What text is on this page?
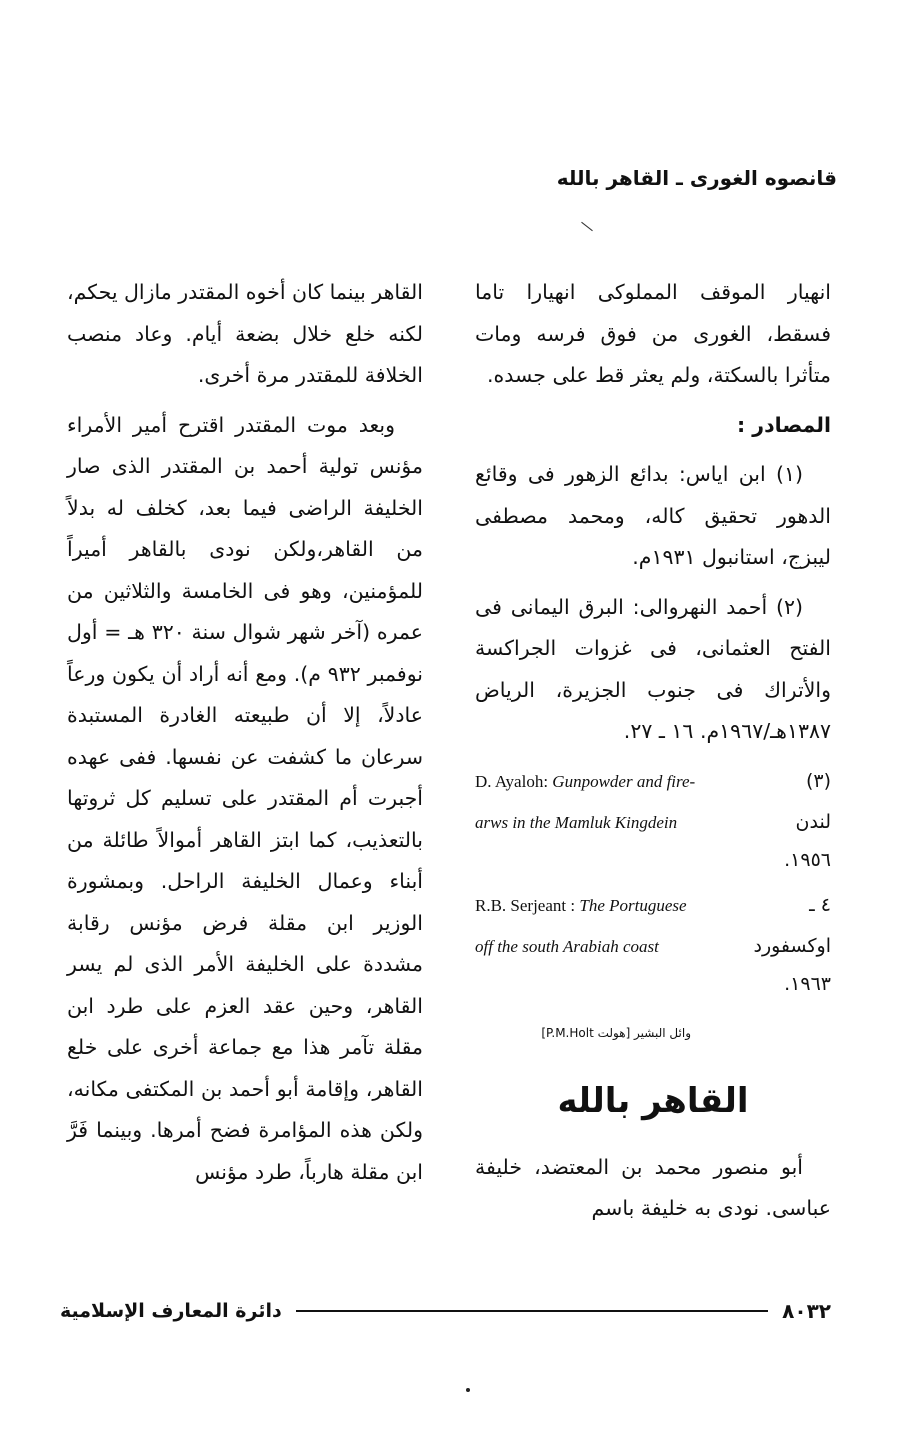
قانصوه الغورى ـ القاهر بالله

انهيار الموقف المملوكى انهيارا تاما فسقط، الغورى من فوق فرسه ومات متأثرا بالسكتة، ولم يعثر قط على جسده.

المصادر :

(١) ابن اياس: بدائع الزهور فى وقائع الدهور تحقيق كاله، ومحمد مصطفى ليبزج، استانبول ١٩٣١م.

(٢) أحمد النهروالى: البرق اليمانى فى الفتح العثمانى، فى غزوات الجراكسة والأتراك فى جنوب الجزيرة، الرياض ١٣٨٧هـ/١٩٦٧م. ١٦ ـ ٢٧.

D. Ayaloh: Gunpowder and fire-	(٣)
arws in the Mamluk Kingdein	لندن
١٩٥٦.
R.B. Serjeant : The Portuguese	٤ ـ
off the south Arabiah coast	اوكسفورد
١٩٦٣.

وائل البشير [هولت P.M.Holt]

القاهر بالله

أبو منصور محمد بن المعتضد، خليفة عباسى. نودى به خليفة باسم

القاهر بينما كان أخوه المقتدر مازال يحكم، لكنه خلع خلال بضعة أيام. وعاد منصب الخلافة للمقتدر مرة أخرى.

وبعد موت المقتدر اقترح أمير الأمراء مؤنس تولية أحمد بن المقتدر الذى صار الخليفة الراضى فيما بعد، كخلف له بدلاً من القاهر،ولكن نودى بالقاهر أميراً للمؤمنين، وهو فى الخامسة والثلاثين من عمره (آخر شهر شوال سنة ٣٢٠ هـ = أول نوفمبر ٩٣٢ م). ومع أنه أراد أن يكون ورعاً عادلاً، إلا أن طبيعته الغادرة المستبدة سرعان ما كشفت عن نفسها. ففى عهده أجبرت أم المقتدر على تسليم كل ثروتها بالتعذيب، كما ابتز القاهر أموالاً طائلة من أبناء وعمال الخليفة الراحل. وبمشورة الوزير ابن مقلة فرض مؤنس رقابة مشددة على الخليفة الأمر الذى لم يسر القاهر، وحين عقد العزم على طرد ابن مقلة تآمر هذا مع جماعة أخرى على خلع القاهر، وإقامة أبو أحمد بن المكتفى مكانه، ولكن هذه المؤامرة فضح أمرها. وبينما فَرَّ ابن مقلة هارباً، طرد مؤنس

٨٠٣٢
دائرة المعارف الإسلامية
